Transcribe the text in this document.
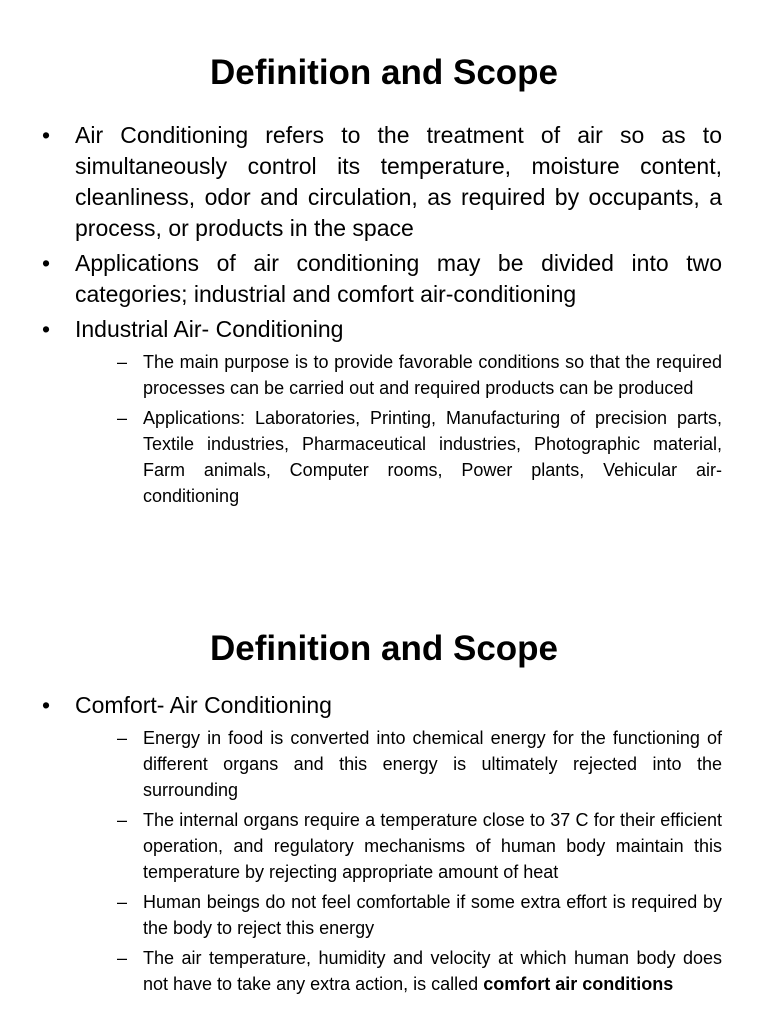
Definition and Scope
• Air Conditioning refers to the treatment of air so as to simultaneously control its temperature, moisture content, cleanliness, odor and circulation, as required by occupants, a process, or products in the space
• Applications of air conditioning may be divided into two categories; industrial and comfort air-conditioning
• Industrial Air- Conditioning
– The main purpose is to provide favorable conditions so that the required processes can be carried out and required products can be produced
– Applications: Laboratories, Printing, Manufacturing of precision parts, Textile industries, Pharmaceutical industries, Photographic material, Farm animals, Computer rooms, Power plants, Vehicular air- conditioning
Definition and Scope
• Comfort- Air Conditioning
– Energy in food is converted into chemical energy for the functioning of different organs and this energy is ultimately rejected into the surrounding
– The internal organs require a temperature close to 37 C for their efficient operation, and regulatory mechanisms of human body maintain this temperature by rejecting appropriate amount of heat
– Human beings do not feel comfortable if some extra effort is required by the body to reject this energy
– The air temperature, humidity and velocity at which human body does not have to take any extra action, is called comfort air conditions
